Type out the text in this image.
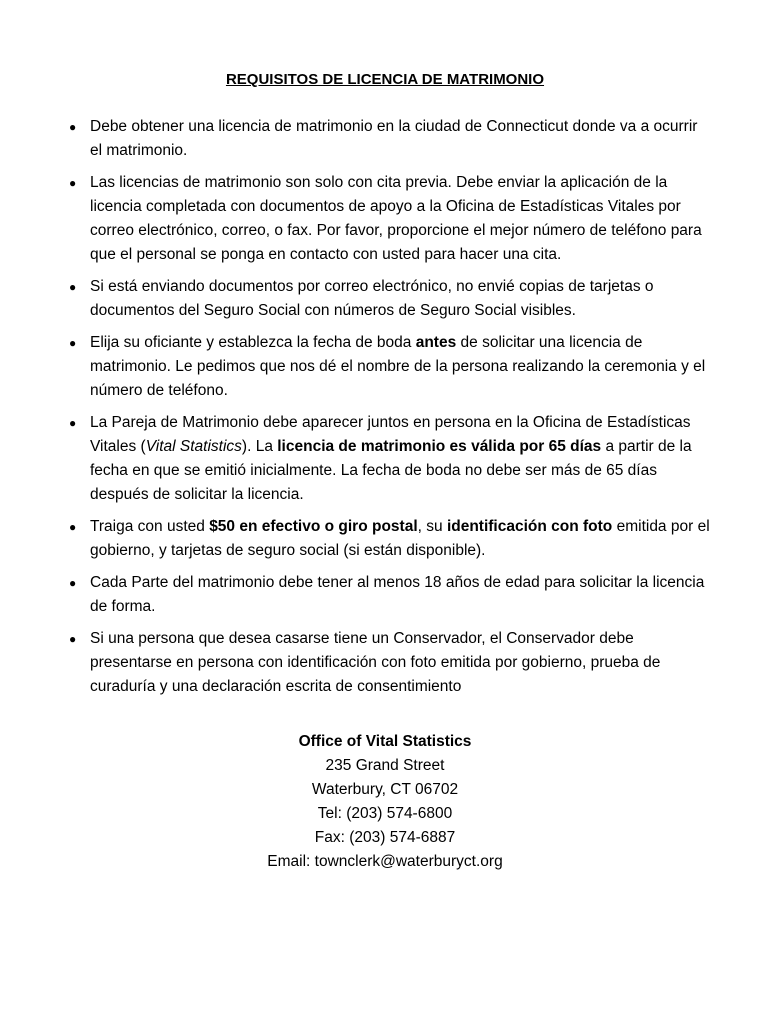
REQUISITOS DE LICENCIA DE MATRIMONIO
● Debe obtener una licencia de matrimonio en la ciudad de Connecticut donde va a ocurrir el matrimonio.
● Las licencias de matrimonio son solo con cita previa. Debe enviar la aplicación de la licencia completada con documentos de apoyo a la Oficina de Estadísticas Vitales por correo electrónico, correo, o fax. Por favor, proporcione el mejor número de teléfono para que el personal se ponga en contacto con usted para hacer una cita.
● Si está enviando documentos por correo electrónico, no envié copias de tarjetas o documentos del Seguro Social con números de Seguro Social visibles.
● Elija su oficiante y establezca la fecha de boda antes de solicitar una licencia de matrimonio. Le pedimos que nos dé el nombre de la persona realizando la ceremonia y el número de teléfono.
● La Pareja de Matrimonio debe aparecer juntos en persona en la Oficina de Estadísticas Vitales (Vital Statistics). La licencia de matrimonio es válida por 65 días a partir de la fecha en que se emitió inicialmente. La fecha de boda no debe ser más de 65 días después de solicitar la licencia.
● Traiga con usted $50 en efectivo o giro postal, su identificación con foto emitida por el gobierno, y tarjetas de seguro social (si están disponible).
● Cada Parte del matrimonio debe tener al menos 18 años de edad para solicitar la licencia de forma.
● Si una persona que desea casarse tiene un Conservador, el Conservador debe presentarse en persona con identificación con foto emitida por gobierno, prueba de curaduría y una declaración escrita de consentimiento
Office of Vital Statistics
235 Grand Street
Waterbury, CT 06702
Tel: (203) 574-6800
Fax: (203) 574-6887
Email: townclerk@waterburyct.org
